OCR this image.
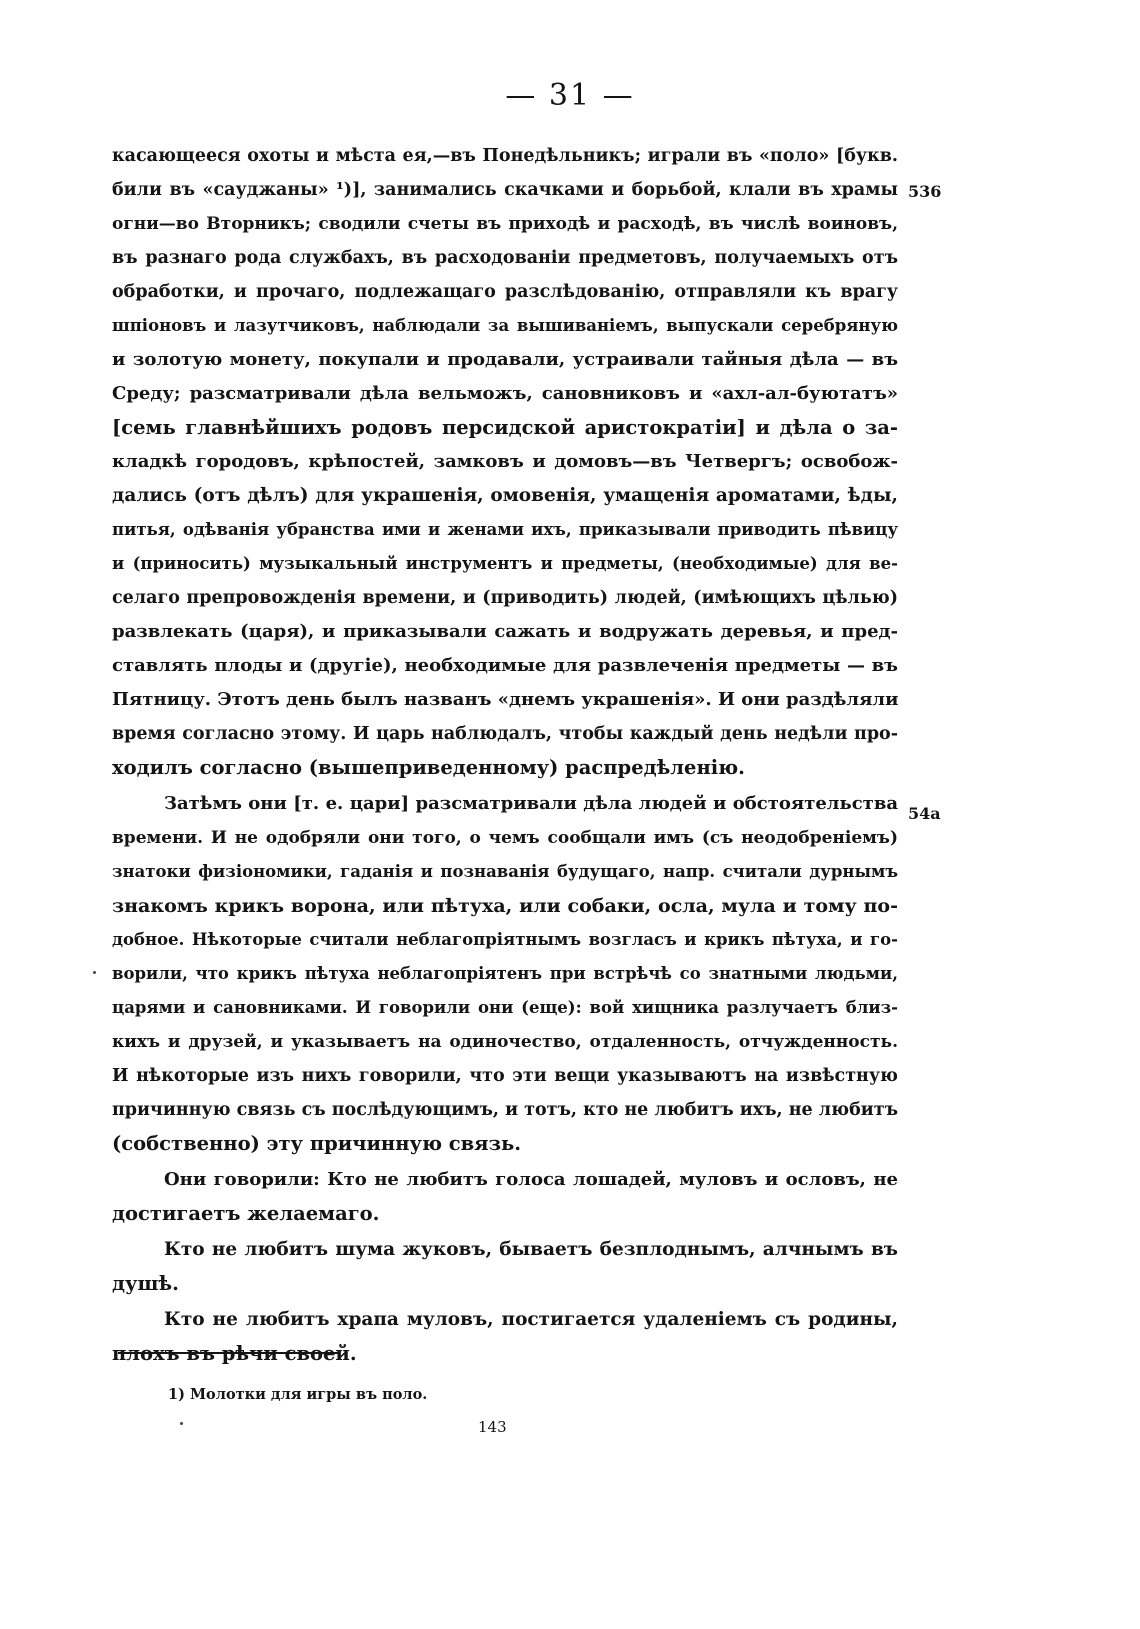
— 31 —
касающееся охоты и мѣста ея,—въ Понедѣльникъ; играли въ «поло» [букв.
били въ «сауджаны» ¹)], занимались скачками и борьбой, клали въ храмы
огни—во Вторникъ; сводили счеты въ приходѣ и расходѣ, въ числѣ воиновъ,
въ разнаго рода службахъ, въ расходованіи предметовъ, получаемыхъ отъ
обработки, и прочаго, подлежащаго разслѣдованію, отправляли къ врагу
шпіоновъ и лазутчиковъ, наблюдали за вышиваніемъ, выпускали серебряную
и золотую монету, покупали и продавали, устраивали тайныя дѣла — въ
Среду; разсматривали дѣла вельможъ, сановниковъ и «ахл-ал-буютатъ»
[семь главнѣйшихъ родовъ персидской аристократіи] и дѣла о за-
кладкѣ городовъ, крѣпостей, замковъ и домовъ—въ Четвергъ; освобож-
дались (отъ дѣлъ) для украшенія, омовенія, умащенія ароматами, ѣды,
питья, одѣванія убранства ими и женами ихъ, приказывали приводить пѣвицу
и (приносить) музыкальный инструментъ и предметы, (необходимые) для ве-
селаго препровожденія времени, и (приводить) людей, (имѣющихъ цѣлью)
развлекать (царя), и приказывали сажать и водружать деревья, и пред-
ставлять плоды и (другіе), необходимые для развлеченія предметы — въ
Пятницу. Этотъ день былъ названъ «днемъ украшенія». И они раздѣляли
время согласно этому. И царь наблюдалъ, чтобы каждый день недѣли про-
ходилъ согласно (вышеприведенному) распредѣленію.
Затѣмъ они [т. е. цари] разсматривали дѣла людей и обстоятельства
времени. И не одобряли они того, о чемъ сообщали имъ (съ неодобреніемъ)
знатоки физіономики, гаданія и познаванія будущаго, напр. считали дурнымъ
знакомъ крикъ ворона, или пѣтуха, или собаки, осла, мула и тому по-
добное. Нѣкоторые считали неблагопріятнымъ возгласъ и крикъ пѣтуха, и го-
ворили, что крикъ пѣтуха неблагопріятенъ при встрѣчѣ со знатными людьми,
царями и сановниками. И говорили они (еще): вой хищника разлучаетъ близ-
кихъ и друзей, и указываетъ на одиночество, отдаленность, отчужденность.
И нѣкоторые изъ нихъ говорили, что эти вещи указываютъ на извѣстную
причинную связь съ послѣдующимъ, и тотъ, кто не любитъ ихъ, не любитъ
(собственно) эту причинную связь.
Они говорили: Кто не любитъ голоса лошадей, муловъ и ословъ, не
достигаетъ желаемаго.
Кто не любитъ шума жуковъ, бываетъ безплоднымъ, алчнымъ въ
душѣ.
Кто не любитъ храпа муловъ, постигается удаленіемъ съ родины,
плохъ въ рѣчи своей.
536
54a
1) Молотки для игры въ поло.
143
